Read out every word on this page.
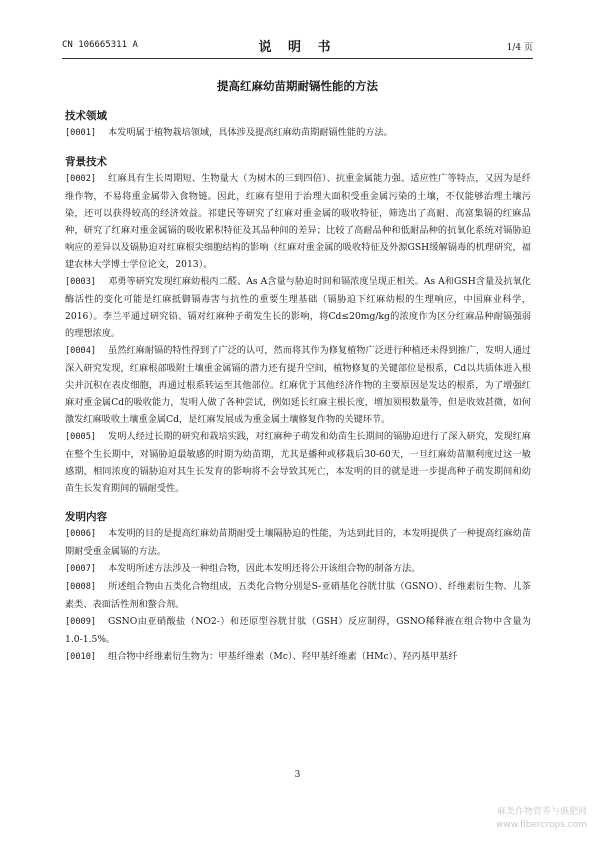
CN 106665311 A	说 明 书	1/4 页
提高红麻幼苗期耐镉性能的方法
技术领域

[0001] 本发明属于植物栽培领域，具体涉及提高红麻幼苗期耐镉性能的方法。

背景技术

[0002] 红麻具有生长周期短、生物量大（为树木的三到四倍）、抗重金属能力强、适应性广等特点，又因为是纤维作物，不易将重金属带入食物链。因此，红麻有望用于治理大面积受重金属污染的土壤，不仅能够治理土壤污染，还可以获得较高的经济效益。祁建民等研究了红麻对重金属的吸收特征，筛选出了高耐、高富集镉的红麻品种，研究了红麻对重金属镉的吸收累积特征及其品种间的差异；比较了高耐品种和低耐品种的抗氧化系统对镉胁迫响应的差异以及镉胁迫对红麻根尖细胞结构的影响（红麻对重金属的吸收特征及外源GSH缓解镉毒的机理研究，福建农林大学博士学位论文，2013）。

[0003] 邓勇等研究发现红麻幼根丙二醛、As A含量与胁迫时间和镉浓度呈现正相关。As A和GSH含量及抗氧化酶活性的变化可能是红麻抵御镉毒害与抗性的重要生理基础（镉胁迫下红麻幼根的生理响应，中国麻业科学，2016）。李兰平通过研究铅、镉对红麻种子萌发生长的影响，将Cd≤20mg/kg的浓度作为区分红麻品种耐镉强弱的理想浓度。

[0004] 虽然红麻耐镉的特性得到了广泛的认可，然而将其作为修复植物广泛进行种植还未得到推广，发明人通过深入研究发现，红麻根部吸附土壤重金属镉的潜力还有提升空间，植物修复的关键部位是根系，Cd以共质体进入根尖并沉积在表皮细胞，再通过根系转运至其他部位。红麻优于其他经济作物的主要原因是发达的根系，为了增强红麻对重金属Cd的吸收能力，发明人做了各种尝试，例如延长红麻主根长度，增加须根数量等，但是收效甚微，如何激发红麻吸收土壤重金属Cd，是红麻发展成为重金属土壤修复作物的关键环节。

[0005] 发明人经过长期的研究和栽培实践，对红麻种子萌发和幼苗生长期间的镉胁迫进行了深入研究，发现红麻在整个生长期中，对镉胁迫最敏感的时期为幼苗期，尤其是播种或移栽后30-60天，一旦红麻幼苗顺利度过这一敏感期，相同浓度的镉胁迫对其生长发育的影响将不会导致其死亡，本发明的目的就是进一步提高种子萌发期间和幼苗生长发育期间的镉耐受性。

发明内容

[0006] 本发明的目的是提高红麻幼苗期耐受土壤隔胁迫的性能，为达到此目的，本发明提供了一种提高红麻幼苗期耐受重金属镉的方法。

[0007] 本发明所述方法涉及一种组合物，因此本发明还将公开该组合物的制备方法。

[0008] 所述组合物由五类化合物组成，五类化合物分别是S-亚硝基化谷胱甘肽（GSNO）、纤维素衍生物、儿茶素类、表面活性剂和螯合剂。

[0009] GSNO由亚硝酸盐（NO2-）和还原型谷胱甘肽（GSH）反应制得，GSNO稀释液在组合物中含量为1.0-1.5%。

[0010] 组合物中纤维素衍生物为：甲基纤维素（Mc）、羟甲基纤维素（HMc）、羟丙基甲基纤

3
麻类作物营养与施肥网
www.fibercrops.com
